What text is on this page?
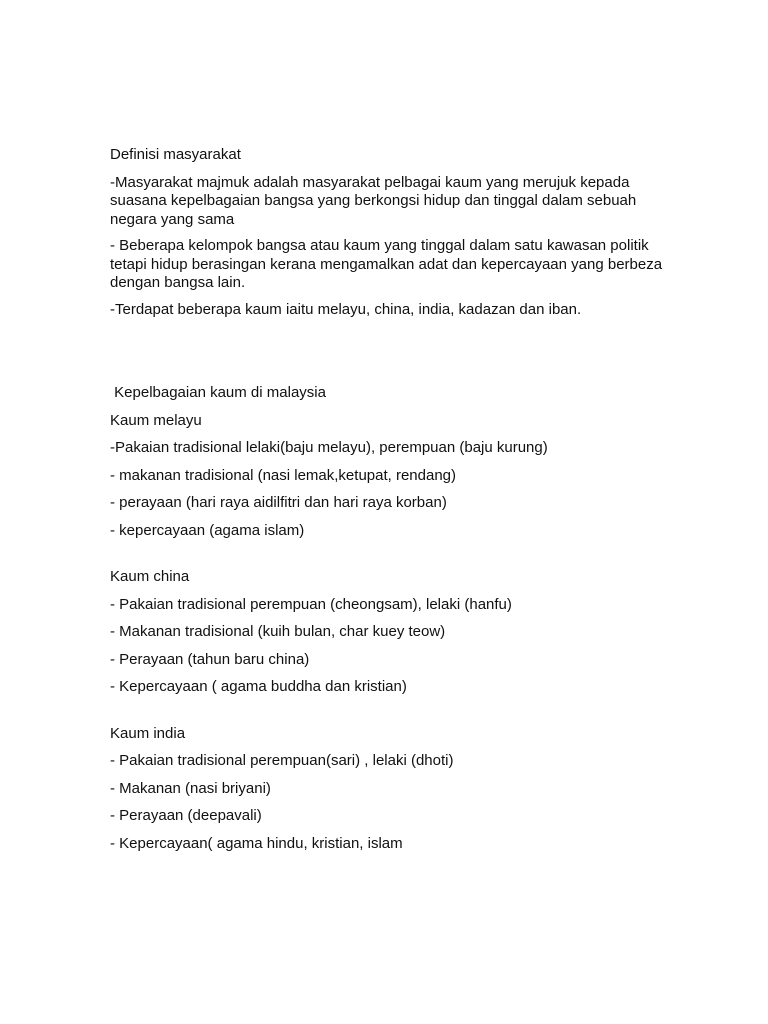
Definisi masyarakat

-Masyarakat majmuk adalah masyarakat pelbagai kaum yang merujuk kepada suasana kepelbagaian bangsa yang berkongsi hidup dan tinggal dalam sebuah negara yang sama

- Beberapa kelompok bangsa atau kaum yang tinggal dalam satu kawasan politik tetapi hidup berasingan kerana mengamalkan adat dan kepercayaan yang berbeza dengan bangsa lain.

-Terdapat beberapa kaum iaitu melayu, china, india, kadazan dan iban.

Kepelbagaian kaum di malaysia

Kaum melayu

-Pakaian tradisional lelaki(baju melayu), perempuan (baju kurung)

- makanan tradisional (nasi lemak,ketupat, rendang)

- perayaan (hari raya aidilfitri dan hari raya korban)

- kepercayaan (agama islam)

Kaum china

- Pakaian tradisional perempuan (cheongsam), lelaki (hanfu)

- Makanan tradisional (kuih bulan, char kuey teow)

- Perayaan (tahun baru china)

- Kepercayaan ( agama buddha dan kristian)

Kaum india

- Pakaian tradisional perempuan(sari) , lelaki (dhoti)

- Makanan (nasi briyani)

- Perayaan (deepavali)

- Kepercayaan( agama hindu, kristian, islam
